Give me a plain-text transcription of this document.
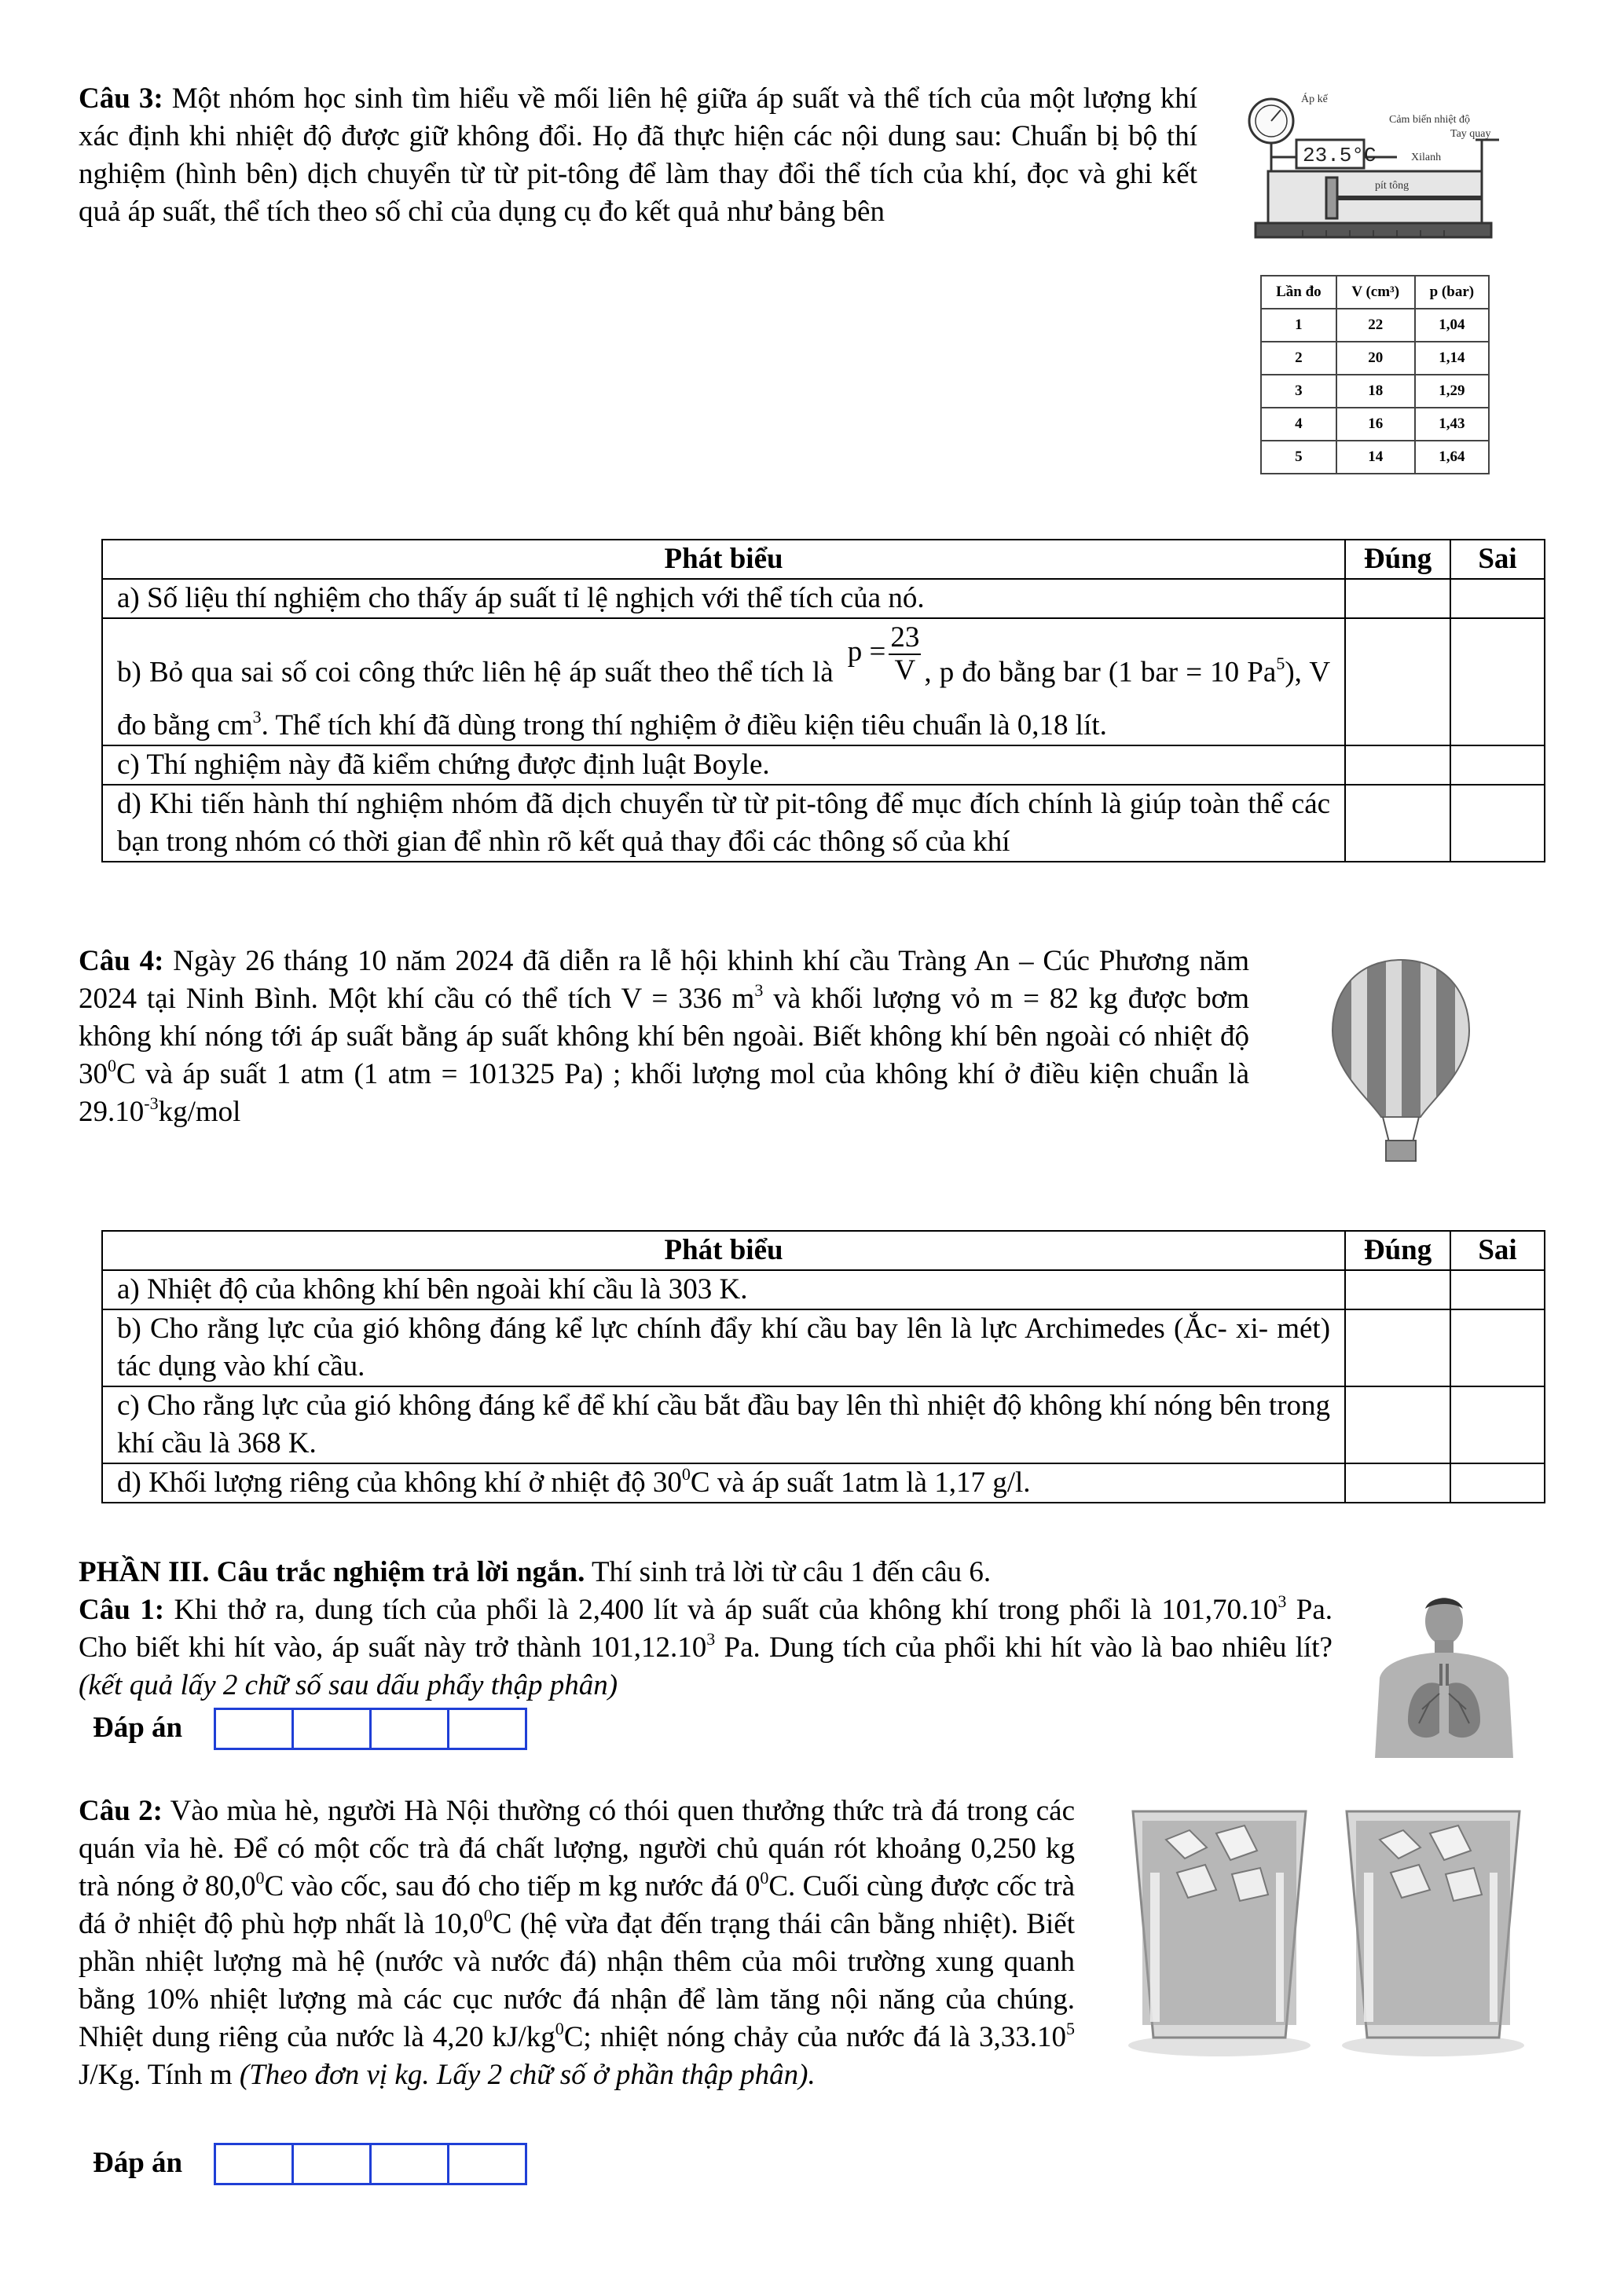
Câu 3: Một nhóm học sinh tìm hiểu về mối liên hệ giữa áp suất và thể tích của một lượng khí xác định khi nhiệt độ được giữ không đổi. Họ đã thực hiện các nội dung sau: Chuẩn bị bộ thí nghiệm (hình bên) dịch chuyển từ từ pit-tông để làm thay đổi thể tích của khí, đọc và ghi kết quả áp suất, thể tích theo số chỉ của dụng cụ đo kết quả như bảng bên
23.5°C
Áp kế
Cảm biến nhiệt độ
Tay quay
Xilanh
pít tông
Lần đo	V (cm³)	p (bar)
1	22	1,04
2	20	1,14
3	18	1,29
4	16	1,43
5	14	1,64
Phát biểu	Đúng	Sai
a) Số liệu thí nghiệm cho thấy áp suất tỉ lệ nghịch với thể tích của nó.		
b) Bỏ qua sai số coi công thức liên hệ áp suất theo thể tích là $p = \frac{23}{V}$ , p đo bằng bar (1 bar = 10 Pa$^5$), V đo bằng $cm^3$. Thể tích khí đã dùng trong thí nghiệm ở điều kiện tiêu chuẩn là 0,18 lít.		
c) Thí nghiệm này đã kiểm chứng được định luật Boyle.		
d) Khi tiến hành thí nghiệm nhóm đã dịch chuyển từ từ pit-tông để mục đích chính là giúp toàn thể các bạn trong nhóm có thời gian để nhìn rõ kết quả thay đổi các thông số của khí		
Câu 4: Ngày 26 tháng 10 năm 2024 đã diễn ra lễ hội khinh khí cầu Tràng An – Cúc Phương năm 2024 tại Ninh Bình. Một khí cầu có thể tích V = 336 $m^3$ và khối lượng vỏ m = 82 kg được bơm không khí nóng tới áp suất bằng áp suất không khí bên ngoài. Biết không khí bên ngoài có nhiệt độ $30^0C$ và áp suất 1 atm (1 atm = 101325 Pa) ; khối lượng mol của không khí ở điều kiện chuẩn là $29.10^{-3}kg$/mol
Phát biểu	Đúng	Sai
a) Nhiệt độ của không khí bên ngoài khí cầu là 303 K.		
b) Cho rằng lực của gió không đáng kể lực chính đẩy khí cầu bay lên là lực Archimedes (Ắc- xi- mét) tác dụng vào khí cầu.		
c) Cho rằng lực của gió không đáng kể để khí cầu bắt đầu bay lên thì nhiệt độ không khí nóng bên trong khí cầu là 368 K.		
d) Khối lượng riêng của không khí ở nhiệt độ $30^0C$ và áp suất 1atm là 1,17 g/l.		
PHẦN III. Câu trắc nghiệm trả lời ngắn. Thí sinh trả lời từ câu 1 đến câu 6.
Câu 1: Khi thở ra, dung tích của phổi là 2,400 lít và áp suất của không khí trong phổi là 101,70.10$^3$ Pa. Cho biết khi hít vào, áp suất này trở thành 101,12.10$^3$ Pa. Dung tích của phổi khi hít vào là bao nhiêu lít? (kết quả lấy 2 chữ số sau dấu phẩy thập phân)
Đáp án
Câu 2: Vào mùa hè, người Hà Nội thường có thói quen thưởng thức trà đá trong các quán vỉa hè. Để có một cốc trà đá chất lượng, người chủ quán rót khoảng 0,250 kg trà nóng ở 80,0$^0$C vào cốc, sau đó cho tiếp m kg nước đá $0^0C$. Cuối cùng được cốc trà đá ở nhiệt độ phù hợp nhất là 10,0$^0$C (hệ vừa đạt đến trạng thái cân bằng nhiệt). Biết phần nhiệt lượng mà hệ (nước và nước đá) nhận thêm của môi trường xung quanh bằng 10% nhiệt lượng mà các cục nước đá nhận để làm tăng nội năng của chúng. Nhiệt dung riêng của nước là 4,20 $kJ/kg^0C$; nhiệt nóng chảy của nước đá là 3,33.10$^5$ J/Kg. Tính m (Theo đơn vị kg. Lấy 2 chữ số ở phần thập phân).
Đáp án
